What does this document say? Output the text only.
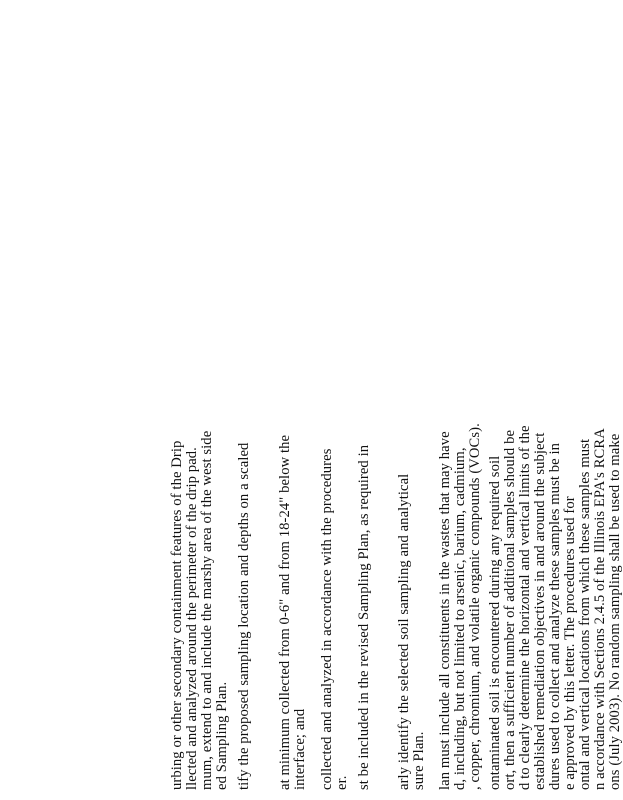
urbing or other secondary containment features of the Drip llected and analyzed around the perimeter of the drip pad. mum, extend to and include the marshy area of the west side ed Sampling Plan. tify the proposed sampling location and depths on a scaled at minimum collected from 0-6" and from 18-24" below the interface; and collected and analyzed in accordance with the procedures er. st be included in the revised Sampling Plan, as required in arly identify the selected soil sampling and analytical sure Plan. lan must include all constituents in the wastes that may have d, including, but not limited to arsenic, barium, cadmium, , copper, chromium, and volatile organic compounds (VOCs). ontaminated soil is encountered during any required soil ort, then a sufficient number of additional samples should be d to clearly determine the horizontal and vertical limits of the established remediation objectives in and around the subject dures used to collect and analyze these samples must be in e approved by this letter. The procedures used for ontal and vertical locations from which these samples must n accordance with Sections 2.4.5 of the Illinois EPA's RCRA ons (July 2003). No random sampling shall be used to make
